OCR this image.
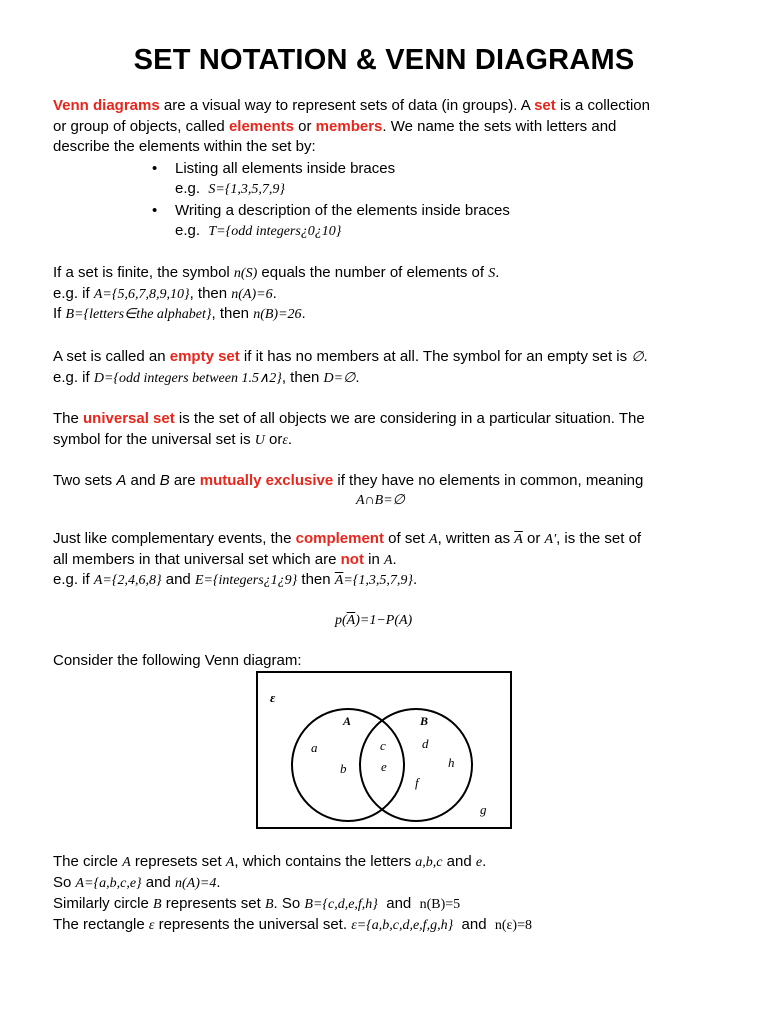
SET NOTATION & VENN DIAGRAMS
Venn diagrams are a visual way to represent sets of data (in groups). A set is a collection
or group of objects, called elements or members. We name the sets with letters and
describe the elements within the set by:
• Listing all elements inside braces
e.g. S={1,3,5,7,9}
• Writing a description of the elements inside braces
e.g. T={odd integers¿0¿10}
If a set is finite, the symbol n(S) equals the number of elements of S.
e.g. if A={5,6,7,8,9,10}, then n(A)=6.
If B={letters∈the alphabet}, then n(B)=26.
A set is called an empty set if it has no members at all. The symbol for an empty set is ∅.
e.g. if D={odd integers between 1.5∧2}, then D=∅.
The universal set is the set of all objects we are considering in a particular situation. The
symbol for the universal set is U orε.
Two sets A and B are mutually exclusive if they have no elements in common, meaning
A∩B=∅
Just like complementary events, the complement of set A, written as $\overline{A}$ or A', is the set of
all members in that universal set which are not in A.
e.g. if A={2,4,6,8} and E={integers¿1¿9} then $\overline{A}=\{1,3,5,7,9\}$.
$p(\overline{A})=1-P(A)$
Consider the following Venn diagram:
ε
A	B
a
b
c
e
d
h
f
g
The circle A represets set A, which contains the letters a,b,c and e.
So A={a,b,c,e} and n(A)=4.
Similarly circle B represents set B. So B={c,d,e,f,h}  and  n(B)=5
The rectangle ε represents the universal set. ε={a,b,c,d,e,f,g,h}  and  n(ε)=8
